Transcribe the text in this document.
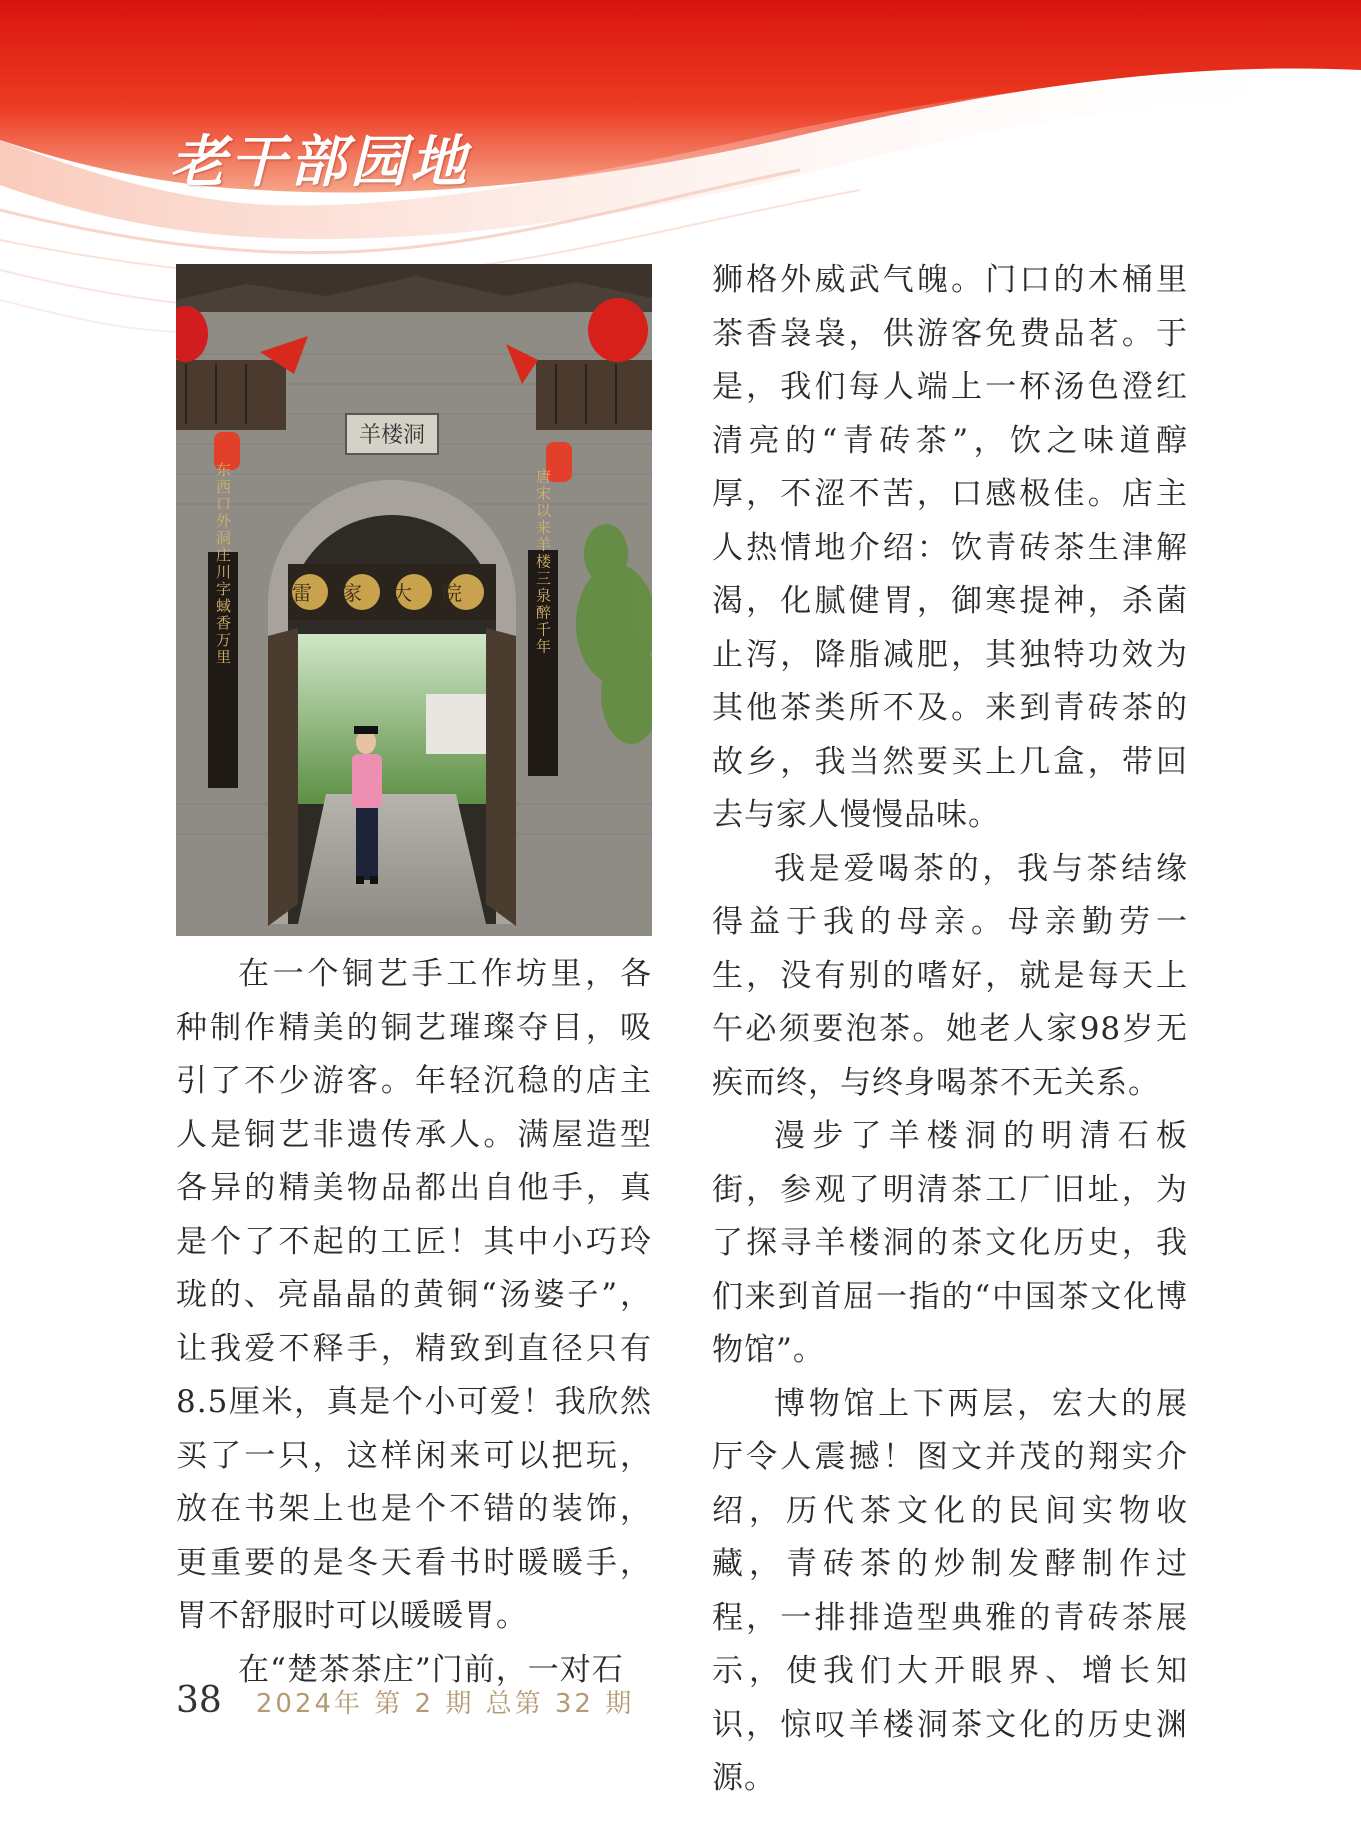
老干部园地
羊楼洞
雷家大院
东西口外洞庄川字蜮香万里	唐宋以来羊楼三泉醉千年

在一个铜艺手工作坊里，各种制作精美的铜艺璀璨夺目，吸引了不少游客。年轻沉稳的店主人是铜艺非遗传承人。满屋造型各异的精美物品都出自他手，真是个了不起的工匠！其中小巧玲珑的、亮晶晶的黄铜“汤婆子”，让我爱不释手，精致到直径只有8.5厘米，真是个小可爱！我欣然买了一只，这样闲来可以把玩，放在书架上也是个不错的装饰，更重要的是冬天看书时暖暖手，胃不舒服时可以暖暖胃。

在“楚茶茶庄”门前，一对石

狮格外威武气魄。门口的木桶里茶香袅袅，供游客免费品茗。于是，我们每人端上一杯汤色澄红清亮的“青砖茶”，饮之味道醇厚，不涩不苦，口感极佳。店主人热情地介绍：饮青砖茶生津解渴，化腻健胃，御寒提神，杀菌止泻，降脂减肥，其独特功效为其他茶类所不及。来到青砖茶的故乡，我当然要买上几盒，带回去与家人慢慢品味。

我是爱喝茶的，我与茶结缘得益于我的母亲。母亲勤劳一生，没有别的嗜好，就是每天上午必须要泡茶。她老人家98岁无疾而终，与终身喝茶不无关系。

漫步了羊楼洞的明清石板街，参观了明清茶工厂旧址，为了探寻羊楼洞的茶文化历史，我们来到首屈一指的“中国茶文化博物馆”。

博物馆上下两层，宏大的展厅令人震撼！图文并茂的翔实介绍，历代茶文化的民间实物收藏，青砖茶的炒制发酵制作过程，一排排造型典雅的青砖茶展示，使我们大开眼界、增长知识，惊叹羊楼洞茶文化的历史渊源。

38 2024年 第 2 期 总第 32 期
